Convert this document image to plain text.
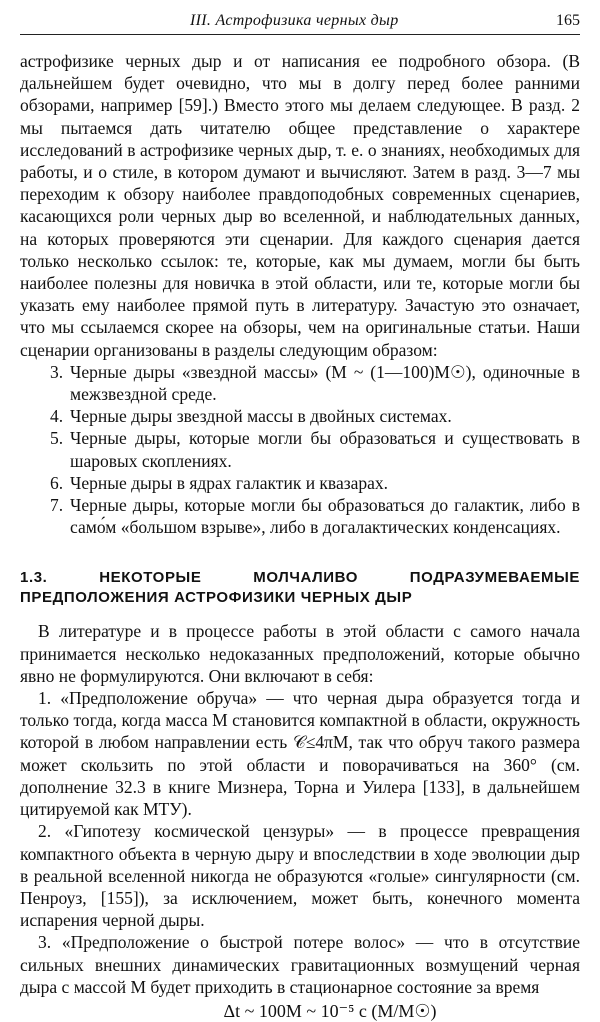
III. Астрофизика черных дыр	165

астрофизике черных дыр и от написания ее подробного обзора. (В дальнейшем будет очевидно, что мы в долгу перед более ранними обзорами, например [59].) Вместо этого мы делаем следующее. В разд. 2 мы пытаемся дать читателю общее представление о характере исследований в астрофизике черных дыр, т. е. о знаниях, необходимых для работы, и о стиле, в котором думают и вычисляют. Затем в разд. 3—7 мы переходим к обзору наиболее правдоподобных современных сценариев, касающихся роли черных дыр во вселенной, и наблюдательных данных, на которых проверяются эти сценарии. Для каждого сценария дается только несколько ссылок: те, которые, как мы думаем, могли бы быть наиболее полезны для новичка в этой области, или те, которые могли бы указать ему наиболее прямой путь в литературу. Зачастую это означает, что мы ссылаемся скорее на обзоры, чем на оригинальные статьи. Наши сценарии организованы в разделы следующим образом:

3. Черные дыры «звездной массы» (M ~ (1—100)M☉), одиночные в межзвездной среде.
4. Черные дыры звездной массы в двойных системах.
5. Черные дыры, которые могли бы образоваться и существовать в шаровых скоплениях.
6. Черные дыры в ядрах галактик и квазарах.
7. Черные дыры, которые могли бы образоваться до галактик, либо в само́м «большом взрыве», либо в догалактических конденсациях.
1.3. НЕКОТОРЫЕ МОЛЧАЛИВО ПОДРАЗУМЕВАЕМЫЕ ПРЕДПОЛОЖЕНИЯ АСТРОФИЗИКИ ЧЕРНЫХ ДЫР

В литературе и в процессе работы в этой области с самого начала принимается несколько недоказанных предположений, которые обычно явно не формулируются. Они включают в себя:

1. «Предположение обруча» — что черная дыра образуется тогда и только тогда, когда масса M становится компактной в области, окружность которой в любом направлении есть 𝒞≤4πM, так что обруч такого размера может скользить по этой области и поворачиваться на 360° (см. дополнение 32.3 в книге Мизнера, Торна и Уилера [133], в дальнейшем цитируемой как МТУ).

2. «Гипотезу космической цензуры» — в процессе превращения компактного объекта в черную дыру и впоследствии в ходе эволюции дыр в реальной вселенной никогда не образуются «голые» сингулярности (см. Пенроуз, [155]), за исключением, может быть, конечного момента испарения черной дыры.

3. «Предположение о быстрой потере волос» — что в отсутствие сильных внешних динамических гравитационных возмущений черная дыра с массой M будет приходить в стационарное состояние за время

Δt ~ 100M ~ 10⁻⁵ c (M/M☉)
